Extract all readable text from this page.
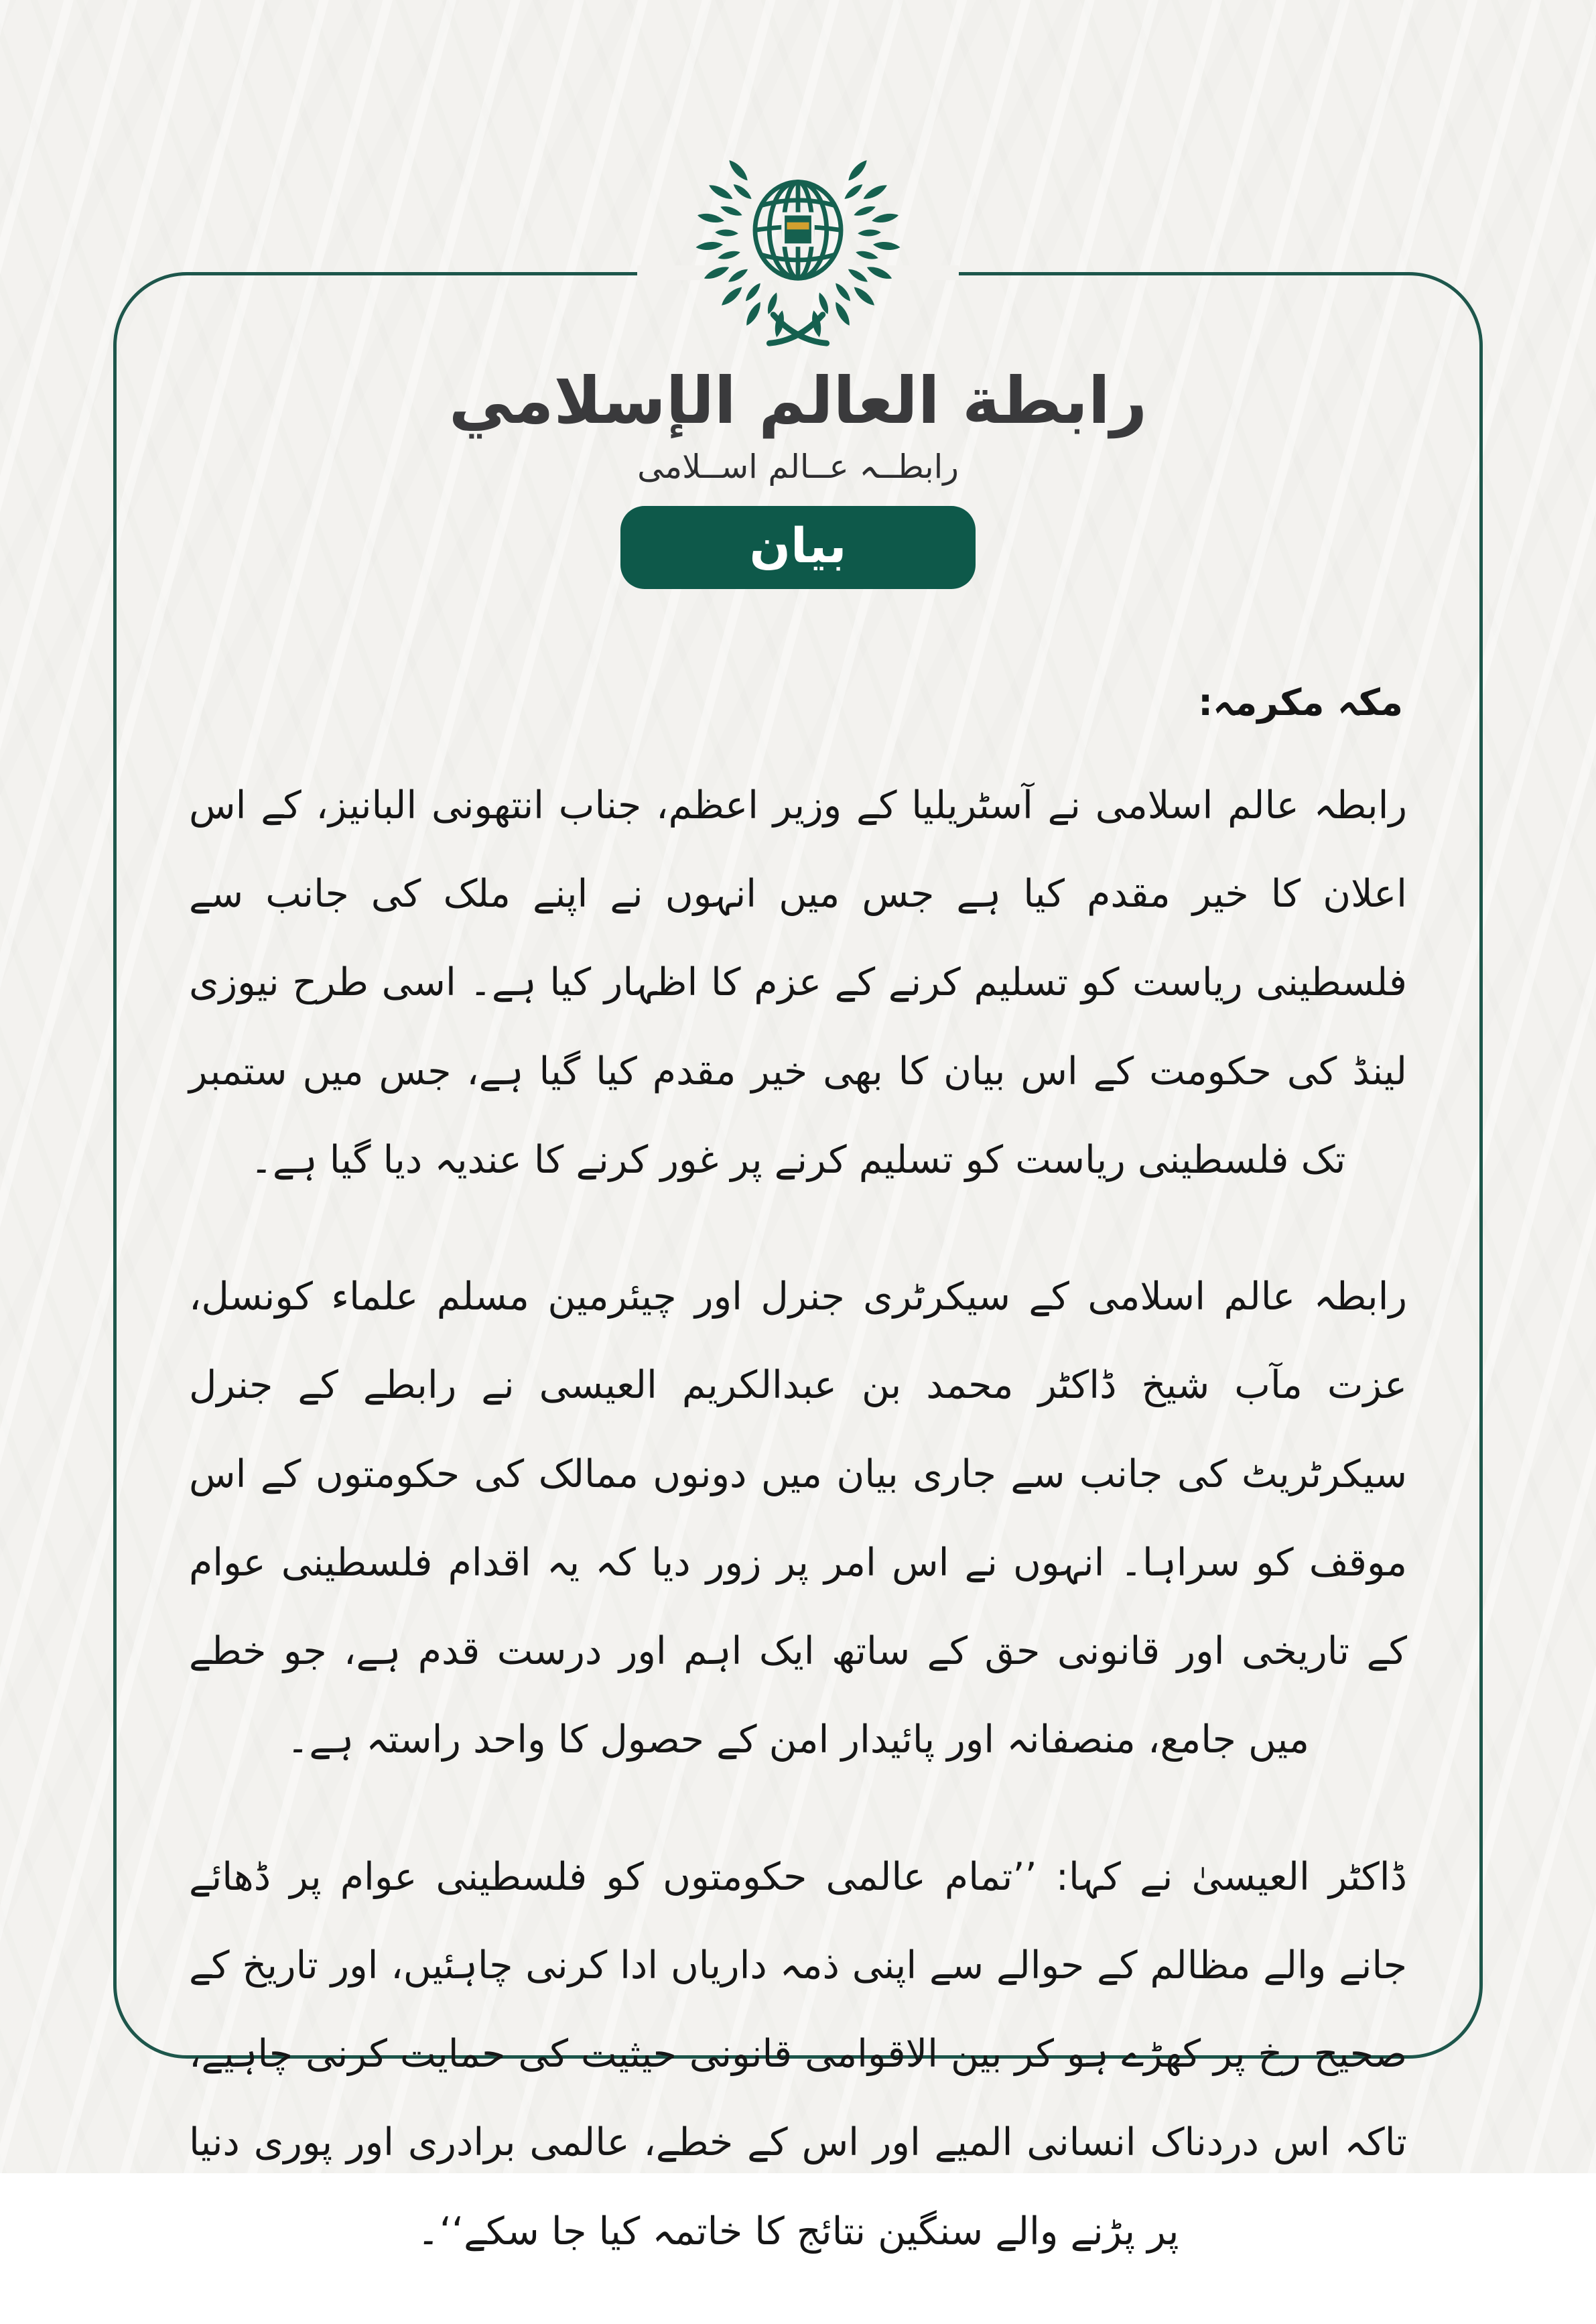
رابطة العالم الإسلامي
رابطــہ عــالم اســلامی
بيان
مکہ مکرمہ:

رابطہ عالم اسلامی نے آسٹریلیا کے وزیر اعظم، جناب انتھونی البانیز، کے اس اعلان کا خیر مقدم کیا ہے جس میں انہوں نے اپنے ملک کی جانب سے فلسطینی ریاست کو تسلیم کرنے کے عزم کا اظہار کیا ہے۔ اسی طرح نیوزی لینڈ کی حکومت کے اس بیان کا بھی خیر مقدم کیا گیا ہے، جس میں ستمبر تک فلسطینی ریاست کو تسلیم کرنے پر غور کرنے کا عندیہ دیا گیا ہے۔

رابطہ عالم اسلامی کے سیکرٹری جنرل اور چیئرمین مسلم علماء کونسل، عزت مآب شیخ ڈاکٹر محمد بن عبدالکریم العیسی نے رابطے کے جنرل سیکرٹریٹ کی جانب سے جاری بیان میں دونوں ممالک کی حکومتوں کے اس موقف کو سراہا۔ انہوں نے اس امر پر زور دیا کہ یہ اقدام فلسطینی عوام کے تاریخی اور قانونی حق کے ساتھ ایک اہم اور درست قدم ہے، جو خطے میں جامع، منصفانہ اور پائیدار امن کے حصول کا واحد راستہ ہے۔

ڈاکٹر العیسیٰ نے کہا: ’’تمام عالمی حکومتوں کو فلسطینی عوام پر ڈھائے جانے والے مظالم کے حوالے سے اپنی ذمہ داریاں ادا کرنی چاہئیں، اور تاریخ کے صحیح رخ پر کھڑے ہو کر بین الاقوامی قانونی حیثیت کی حمایت کرنی چاہیے، تاکہ اس دردناک انسانی المیے اور اس کے خطے، عالمی برادری اور پوری دنیا پر پڑنے والے سنگین نتائج کا خاتمہ کیا جا سکے‘‘۔
